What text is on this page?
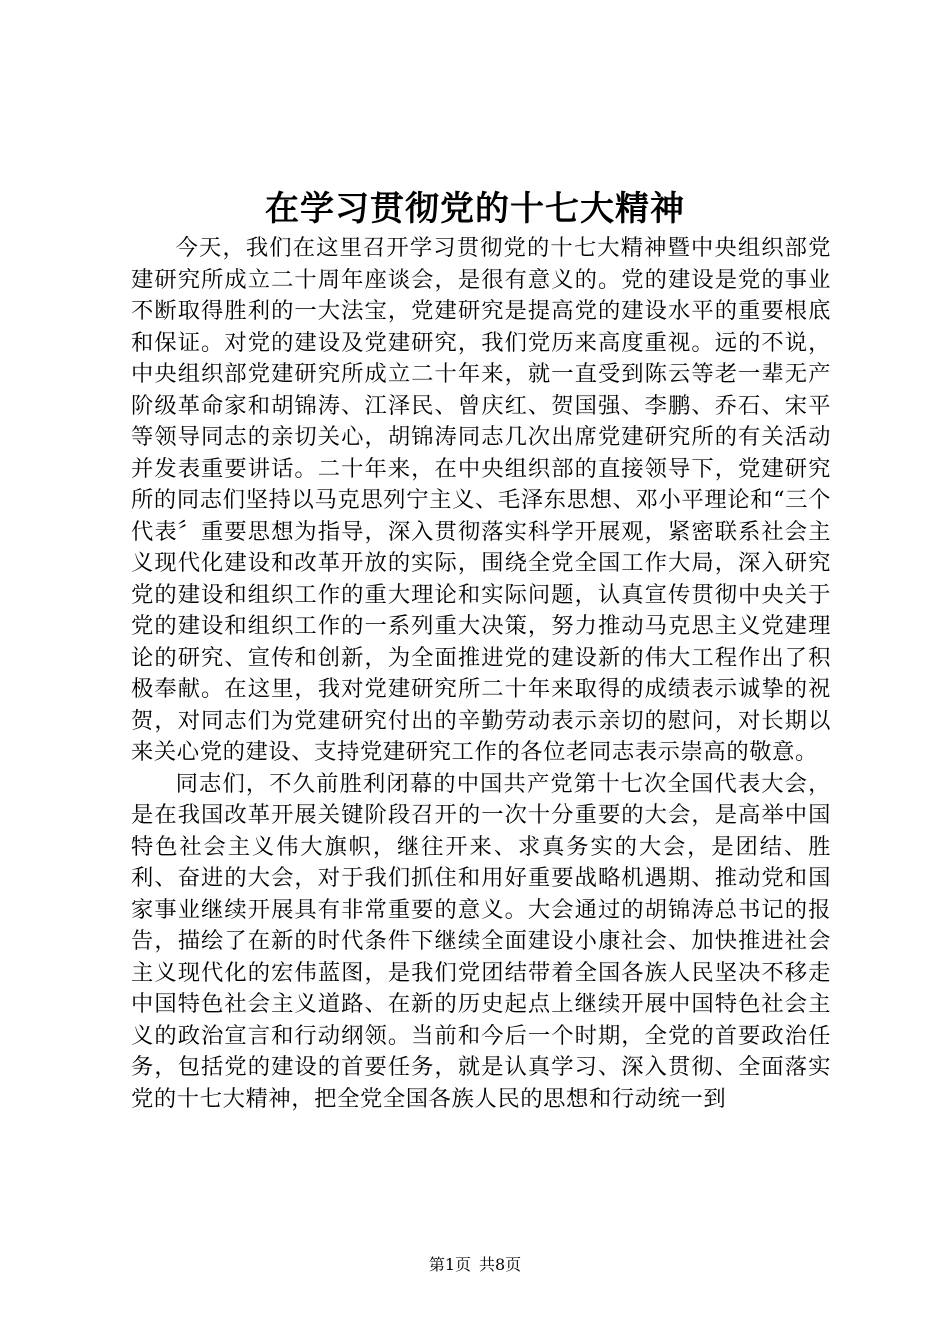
在学习贯彻党的十七大精神

今天，我们在这里召开学习贯彻党的十七大精神暨中央组织部党建研究所成立二十周年座谈会，是很有意义的。党的建设是党的事业不断取得胜利的一大法宝，党建研究是提高党的建设水平的重要根底和保证。对党的建设及党建研究，我们党历来高度重视。远的不说，中央组织部党建研究所成立二十年来，就一直受到陈云等老一辈无产阶级革命家和胡锦涛、江泽民、曾庆红、贺国强、李鹏、乔石、宋平等领导同志的亲切关心，胡锦涛同志几次出席党建研究所的有关活动并发表重要讲话。二十年来，在中央组织部的直接领导下，党建研究所的同志们坚持以马克思列宁主义、毛泽东思想、邓小平理论和“三个代表〞重要思想为指导，深入贯彻落实科学开展观，紧密联系社会主义现代化建设和改革开放的实际，围绕全党全国工作大局，深入研究党的建设和组织工作的重大理论和实际问题，认真宣传贯彻中央关于党的建设和组织工作的一系列重大决策，努力推动马克思主义党建理论的研究、宣传和创新，为全面推进党的建设新的伟大工程作出了积极奉献。在这里，我对党建研究所二十年来取得的成绩表示诚挚的祝贺，对同志们为党建研究付出的辛勤劳动表示亲切的慰问，对长期以来关心党的建设、支持党建研究工作的各位老同志表示崇高的敬意。

同志们，不久前胜利闭幕的中国共产党第十七次全国代表大会，是在我国改革开展关键阶段召开的一次十分重要的大会，是高举中国特色社会主义伟大旗帜，继往开来、求真务实的大会，是团结、胜利、奋进的大会，对于我们抓住和用好重要战略机遇期、推动党和国家事业继续开展具有非常重要的意义。大会通过的胡锦涛总书记的报告，描绘了在新的时代条件下继续全面建设小康社会、加快推进社会主义现代化的宏伟蓝图，是我们党团结带着全国各族人民坚决不移走中国特色社会主义道路、在新的历史起点上继续开展中国特色社会主义的政治宣言和行动纲领。当前和今后一个时期，全党的首要政治任务，包括党的建设的首要任务，就是认真学习、深入贯彻、全面落实党的十七大精神，把全党全国各族人民的思想和行动统一到

第1页 共8页
